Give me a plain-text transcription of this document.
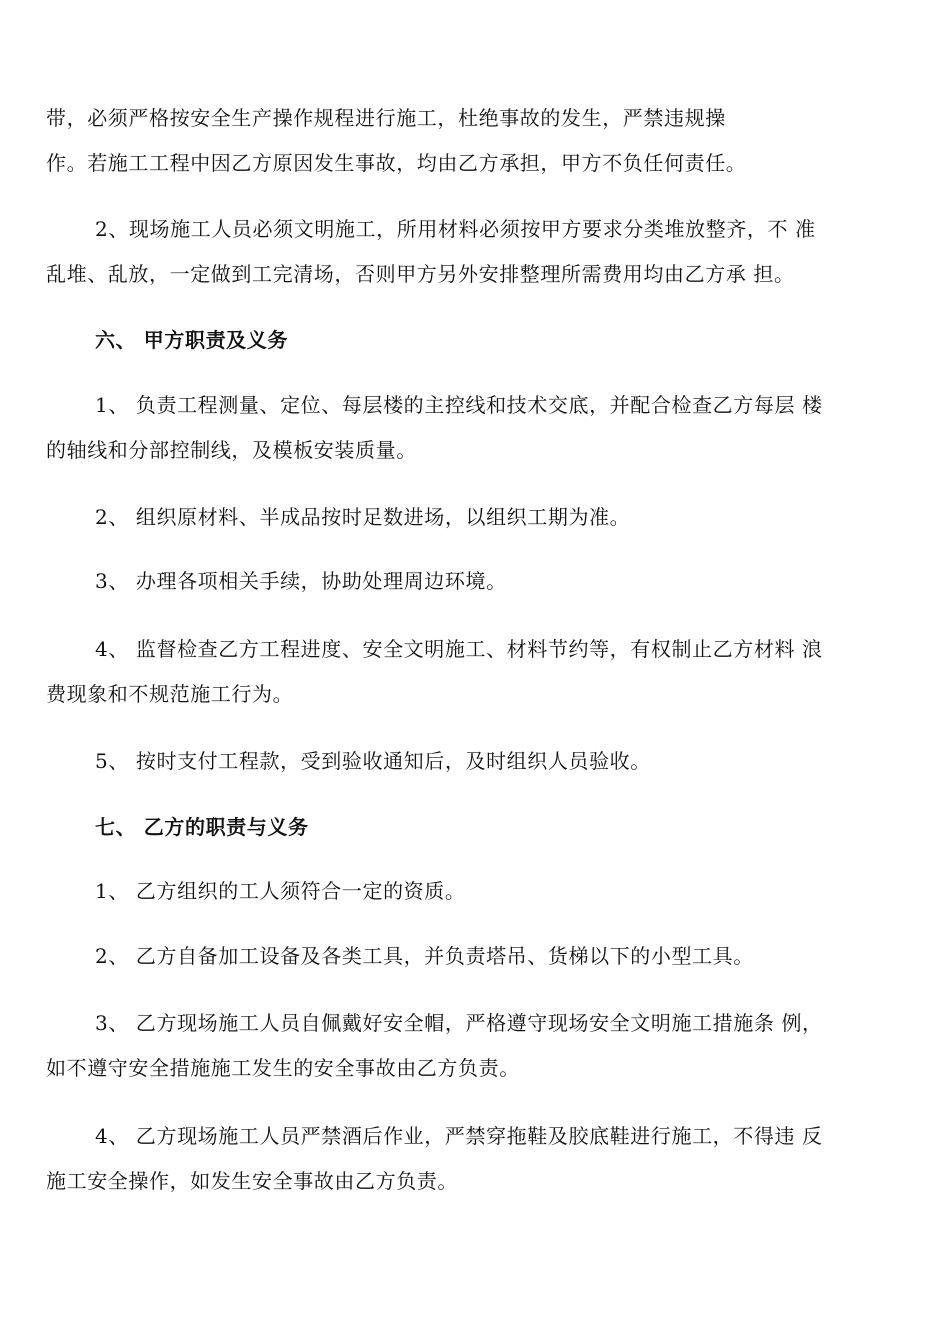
带，必须严格按安全生产操作规程进行施工，杜绝事故的发生，严禁违规操
作。若施工工程中因乙方原因发生事故，均由乙方承担，甲方不负任何责任。
2、现场施工人员必须文明施工，所用材料必须按甲方要求分类堆放整齐，不 准
乱堆、乱放，一定做到工完清场，否则甲方另外安排整理所需费用均由乙方承 担。
六、 甲方职责及义务
1、 负责工程测量、定位、每层楼的主控线和技术交底，并配合检查乙方每层 楼
的轴线和分部控制线，及模板安装质量。
2、 组织原材料、半成品按时足数进场，以组织工期为准。
3、 办理各项相关手续，协助处理周边环境。
4、 监督检查乙方工程进度、安全文明施工、材料节约等，有权制止乙方材料 浪
费现象和不规范施工行为。
5、 按时支付工程款，受到验收通知后，及时组织人员验收。
七、 乙方的职责与义务
1、 乙方组织的工人须符合一定的资质。
2、 乙方自备加工设备及各类工具，并负责塔吊、货梯以下的小型工具。
3、 乙方现场施工人员自佩戴好安全帽，严格遵守现场安全文明施工措施条 例，
如不遵守安全措施施工发生的安全事故由乙方负责。
4、 乙方现场施工人员严禁酒后作业，严禁穿拖鞋及胶底鞋进行施工，不得违 反
施工安全操作，如发生安全事故由乙方负责。
